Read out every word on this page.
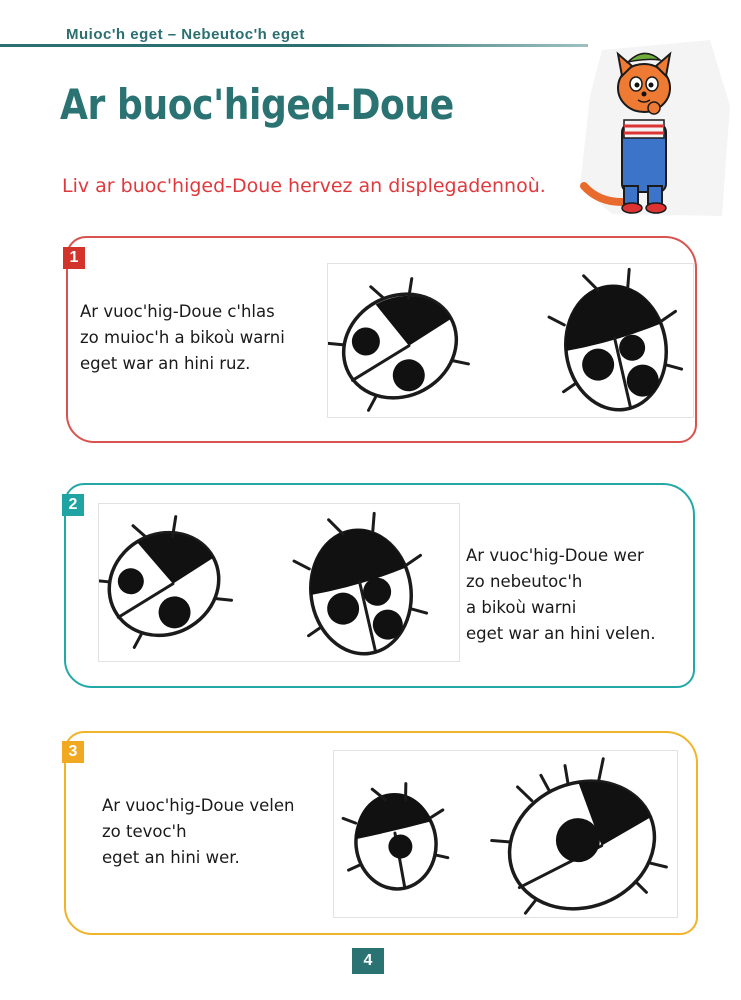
Muioc'h eget – Nebeutoc'h eget
Ar buoc'higed-Doue
Liv ar buoc'higed-Doue hervez an displegadennoù.
1
Ar vuoc'hig-Doue c'hlas
zo muioc'h a bikoù warni
eget war an hini ruz.
2
Ar vuoc'hig-Doue wer
zo nebeutoc'h
a bikoù warni
eget war an hini velen.
3
Ar vuoc'hig-Doue velen
zo tevoc'h
eget an hini wer.
4
